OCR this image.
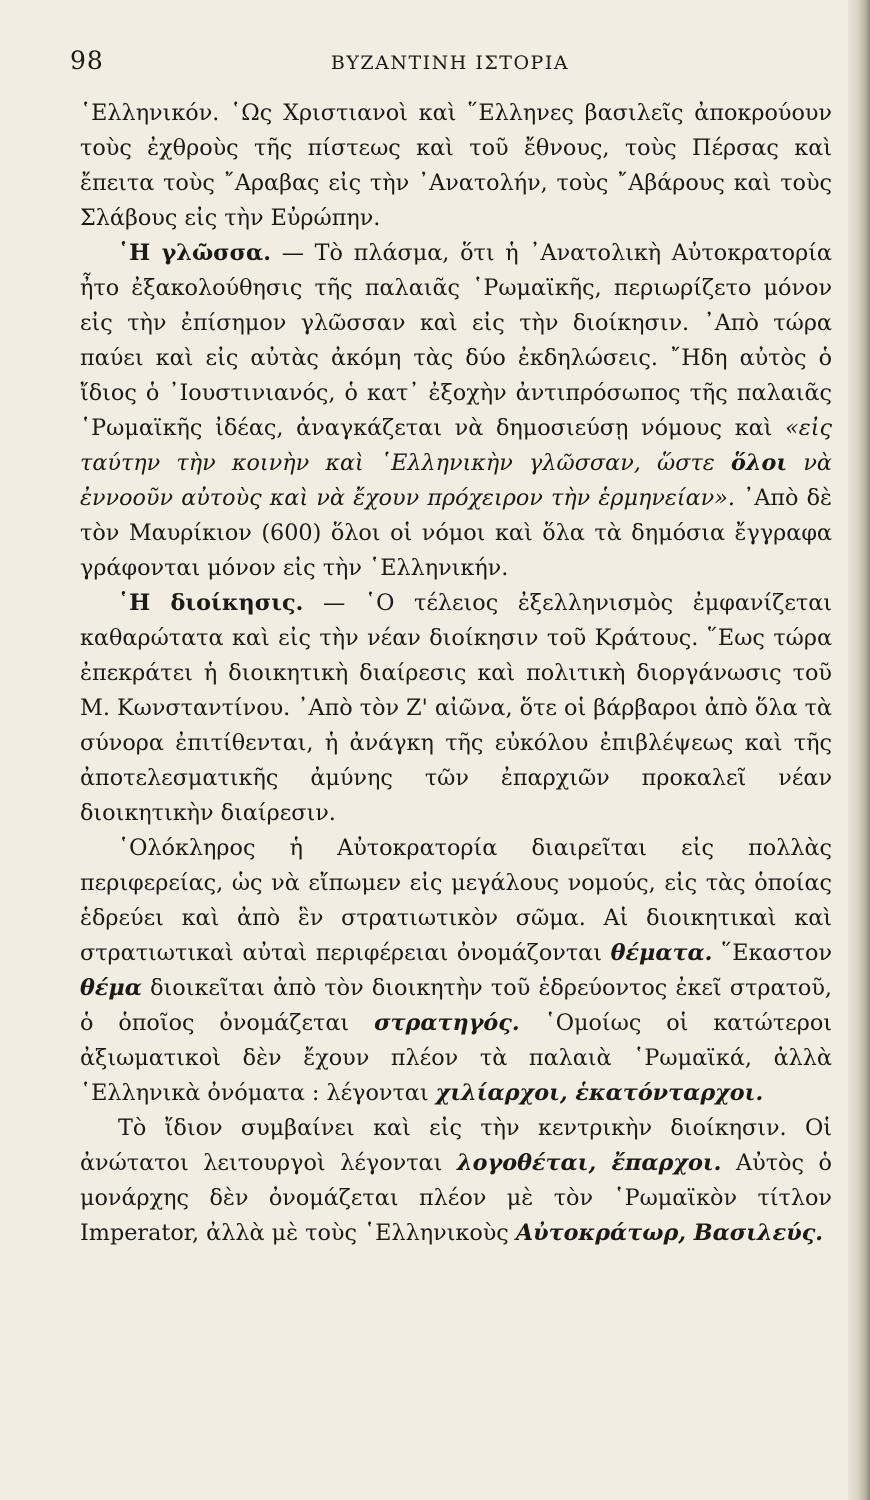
98	ΒΥΖΑΝΤΙΝΗ ΙΣΤΟΡΙΑ

῾Ελληνικόν. ῾Ως Χριστιανοὶ καὶ ῞Ελληνες βασιλεῖς ἀποκρούουν τοὺς ἐχθροὺς τῆς πίστεως καὶ τοῦ ἔθνους, τοὺς Πέρσας καὶ ἔπειτα τοὺς ῎Αραβας εἰς τὴν ᾿Ανατολήν, τοὺς ῎Αβάρους καὶ τοὺς Σλάβους εἰς τὴν Εὐρώπην.

῾Η γλῶσσα. — Τὸ πλάσμα, ὅτι ἡ ᾿Ανατολικὴ Αὐτοκρατορία ἦτο ἐξακολούθησις τῆς παλαιᾶς ῾Ρωμαϊκῆς, περιωρίζετο μόνον εἰς τὴν ἐπίσημον γλῶσσαν καὶ εἰς τὴν διοίκησιν. ᾿Απὸ τώρα παύει καὶ εἰς αὐτὰς ἀκόμη τὰς δύο ἐκδηλώσεις. ῎Ηδη αὐτὸς ὁ ἴδιος ὁ ᾿Ιουστινιανός, ὁ κατ᾿ ἐξοχὴν ἀντιπρόσωπος τῆς παλαιᾶς ῾Ρωμαϊκῆς ἰδέας, ἀναγκάζεται νὰ δημοσιεύσῃ νόμους καὶ «εἰς ταύτην τὴν κοινὴν καὶ ῾Ελληνικὴν γλῶσσαν, ὥστε ὅλοι νὰ ἐννοοῦν αὐτοὺς καὶ νὰ ἔχουν πρόχειρον τὴν ἑρμηνείαν». ᾿Απὸ δὲ τὸν Μαυρίκιον (600) ὅλοι οἱ νόμοι καὶ ὅλα τὰ δημόσια ἔγγραφα γράφονται μόνον εἰς τὴν ῾Ελληνικήν.

῾Η διοίκησις. — ῾Ο τέλειος ἐξελληνισμὸς ἐμφανίζεται καθαρώτατα καὶ εἰς τὴν νέαν διοίκησιν τοῦ Κράτους. ῞Εως τώρα ἐπεκράτει ἡ διοικητικὴ διαίρεσις καὶ πολιτικὴ διοργάνωσις τοῦ Μ. Κωνσταντίνου. ᾿Απὸ τὸν Ζ' αἰῶνα, ὅτε οἱ βάρβαροι ἀπὸ ὅλα τὰ σύνορα ἐπιτίθενται, ἡ ἀνάγκη τῆς εὐκόλου ἐπιβλέψεως καὶ τῆς ἀποτελεσματικῆς ἀμύνης τῶν ἐπαρχιῶν προκαλεῖ νέαν διοικητικὴν διαίρεσιν.

῾Ολόκληρος ἡ Αὐτοκρατορία διαιρεῖται εἰς πολλὰς περιφερείας, ὡς νὰ εἴπωμεν εἰς μεγάλους νομούς, εἰς τὰς ὁποίας ἑδρεύει καὶ ἀπὸ ἓν στρατιωτικὸν σῶμα. Αἱ διοικητικαὶ καὶ στρατιωτικαὶ αὐταὶ περιφέρειαι ὀνομάζονται θέματα. ῞Εκαστον θέμα διοικεῖται ἀπὸ τὸν διοικητὴν τοῦ ἑδρεύοντος ἐκεῖ στρατοῦ, ὁ ὁποῖος ὀνομάζεται στρατηγός. ῾Ομοίως οἱ κατώτεροι ἀξιωματικοὶ δὲν ἔχουν πλέον τὰ παλαιὰ ῾Ρωμαϊκά, ἀλλὰ ῾Ελληνικὰ ὀνόματα : λέγονται χιλίαρχοι, ἑκατόνταρχοι.

Τὸ ἴδιον συμβαίνει καὶ εἰς τὴν κεντρικὴν διοίκησιν. Οἱ ἀνώτατοι λειτουργοὶ λέγονται λογοθέται, ἔπαρχοι. Αὐτὸς ὁ μονάρχης δὲν ὀνομάζεται πλέον μὲ τὸν ῾Ρωμαϊκὸν τίτλον Imperator, ἀλλὰ μὲ τοὺς ῾Ελληνικοὺς Αὐτοκράτωρ, Βασιλεύς.
